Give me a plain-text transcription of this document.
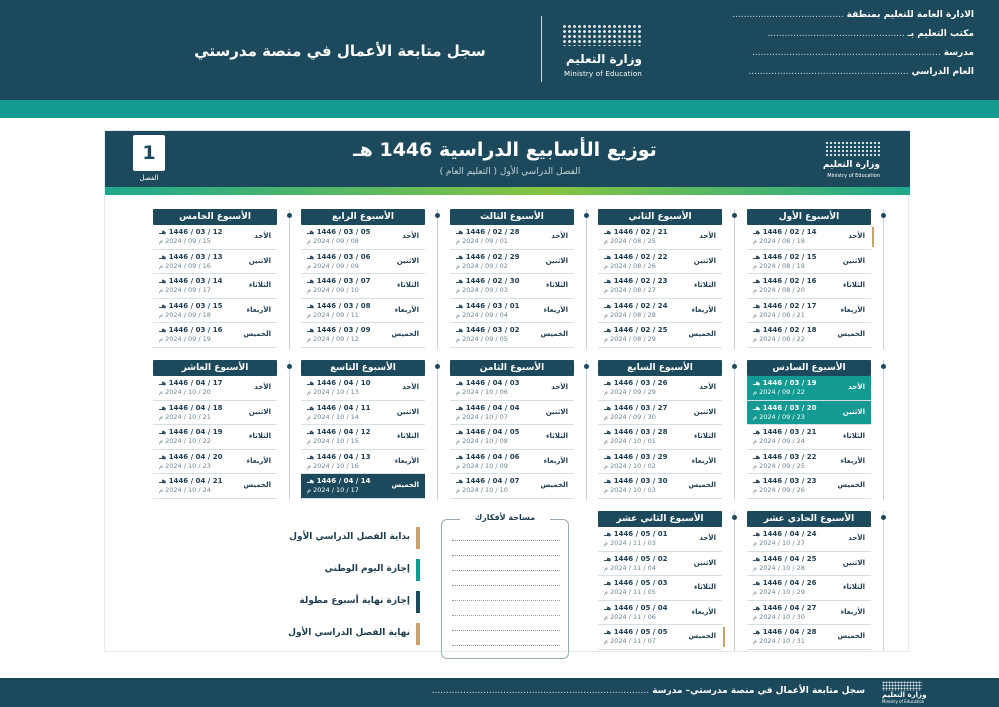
سجل متابعة الأعمال في منصة مدرستي	وزارة التعليم
Ministry of Education
الادارة العامة للتعليم بمنطقة .......................................
مكتب التعليم بـ ................................................
مدرسة ..................................................................
العام الدراسي ........................................................
1
الفصل
توزيع الأسابيع الدراسية 1446 هـ
الفصل الدراسي الأول ( التعليم العام )
وزارة التعليم
Ministry of Education
الأسبوع الأول
الأحد
14 / 02 / 1446 هـ
18 / 08 / 2024 م
الاثنين
15 / 02 / 1446 هـ
19 / 08 / 2024 م
الثلاثاء
16 / 02 / 1446 هـ
20 / 08 / 2024 م
الأربعاء
17 / 02 / 1446 هـ
21 / 08 / 2024 م
الخميس
18 / 02 / 1446 هـ
22 / 08 / 2024 م
الأسبوع الثاني
الأحد
21 / 02 / 1446 هـ
25 / 08 / 2024 م
الاثنين
22 / 02 / 1446 هـ
26 / 08 / 2024 م
الثلاثاء
23 / 02 / 1446 هـ
27 / 08 / 2024 م
الأربعاء
24 / 02 / 1446 هـ
28 / 08 / 2024 م
الخميس
25 / 02 / 1446 هـ
29 / 08 / 2024 م
الأسبوع الثالث
الأحد
28 / 02 / 1446 هـ
01 / 09 / 2024 م
الاثنين
29 / 02 / 1446 هـ
02 / 09 / 2024 م
الثلاثاء
30 / 02 / 1446 هـ
03 / 09 / 2024 م
الأربعاء
01 / 03 / 1446 هـ
04 / 09 / 2024 م
الخميس
02 / 03 / 1446 هـ
05 / 09 / 2024 م
الأسبوع الرابع
الأحد
05 / 03 / 1446 هـ
08 / 09 / 2024 م
الاثنين
06 / 03 / 1446 هـ
09 / 09 / 2024 م
الثلاثاء
07 / 03 / 1446 هـ
10 / 09 / 2024 م
الأربعاء
08 / 03 / 1446 هـ
11 / 09 / 2024 م
الخميس
09 / 03 / 1446 هـ
12 / 09 / 2024 م
الأسبوع الخامس
الأحد
12 / 03 / 1446 هـ
15 / 09 / 2024 م
الاثنين
13 / 03 / 1446 هـ
16 / 09 / 2024 م
الثلاثاء
14 / 03 / 1446 هـ
17 / 09 / 2024 م
الأربعاء
15 / 03 / 1446 هـ
18 / 09 / 2024 م
الخميس
16 / 03 / 1446 هـ
19 / 09 / 2024 م
الأسبوع السادس
الأحد
19 / 03 / 1446 هـ
22 / 09 / 2024 م
الاثنين
20 / 03 / 1446 هـ
23 / 09 / 2024 م
الثلاثاء
21 / 03 / 1446 هـ
24 / 09 / 2024 م
الأربعاء
22 / 03 / 1446 هـ
25 / 09 / 2024 م
الخميس
23 / 03 / 1446 هـ
26 / 09 / 2024 م
الأسبوع السابع
الأحد
26 / 03 / 1446 هـ
29 / 09 / 2024 م
الاثنين
27 / 03 / 1446 هـ
30 / 09 / 2024 م
الثلاثاء
28 / 03 / 1446 هـ
01 / 10 / 2024 م
الأربعاء
29 / 03 / 1446 هـ
02 / 10 / 2024 م
الخميس
30 / 03 / 1446 هـ
03 / 10 / 2024 م
الأسبوع الثامن
الأحد
03 / 04 / 1446 هـ
06 / 10 / 2024 م
الاثنين
04 / 04 / 1446 هـ
07 / 10 / 2024 م
الثلاثاء
05 / 04 / 1446 هـ
08 / 10 / 2024 م
الأربعاء
06 / 04 / 1446 هـ
09 / 10 / 2024 م
الخميس
07 / 04 / 1446 هـ
10 / 10 / 2024 م
الأسبوع التاسع
الأحد
10 / 04 / 1446 هـ
13 / 10 / 2024 م
الاثنين
11 / 04 / 1446 هـ
14 / 10 / 2024 م
الثلاثاء
12 / 04 / 1446 هـ
15 / 10 / 2024 م
الأربعاء
13 / 04 / 1446 هـ
16 / 10 / 2024 م
الخميس
14 / 04 / 1446 هـ
17 / 10 / 2024 م
الأسبوع العاشر
الأحد
17 / 04 / 1446 هـ
20 / 10 / 2024 م
الاثنين
18 / 04 / 1446 هـ
21 / 10 / 2024 م
الثلاثاء
19 / 04 / 1446 هـ
22 / 10 / 2024 م
الأربعاء
20 / 04 / 1446 هـ
23 / 10 / 2024 م
الخميس
21 / 04 / 1446 هـ
24 / 10 / 2024 م
الأسبوع الحادي عشر
الأحد
24 / 04 / 1446 هـ
27 / 10 / 2024 م
الاثنين
25 / 04 / 1446 هـ
28 / 10 / 2024 م
الثلاثاء
26 / 04 / 1446 هـ
29 / 10 / 2024 م
الأربعاء
27 / 04 / 1446 هـ
30 / 10 / 2024 م
الخميس
28 / 04 / 1446 هـ
31 / 10 / 2024 م
الأسبوع الثاني عشر
الأحد
01 / 05 / 1446 هـ
03 / 11 / 2024 م
الاثنين
02 / 05 / 1446 هـ
04 / 11 / 2024 م
الثلاثاء
03 / 05 / 1446 هـ
05 / 11 / 2024 م
الأربعاء
04 / 05 / 1446 هـ
06 / 11 / 2024 م
الخميس
05 / 05 / 1446 هـ
07 / 11 / 2024 م
بداية الفصل الدراسي الأول
إجازة اليوم الوطني
إجازة نهاية أسبوع مطولة
نهاية الفصل الدراسي الأول
مساحة لأفكارك
سجل متابعة الأعمال في منصة مدرستي– مدرسة ............................................................................	وزارة التعليم
Ministry of Education
